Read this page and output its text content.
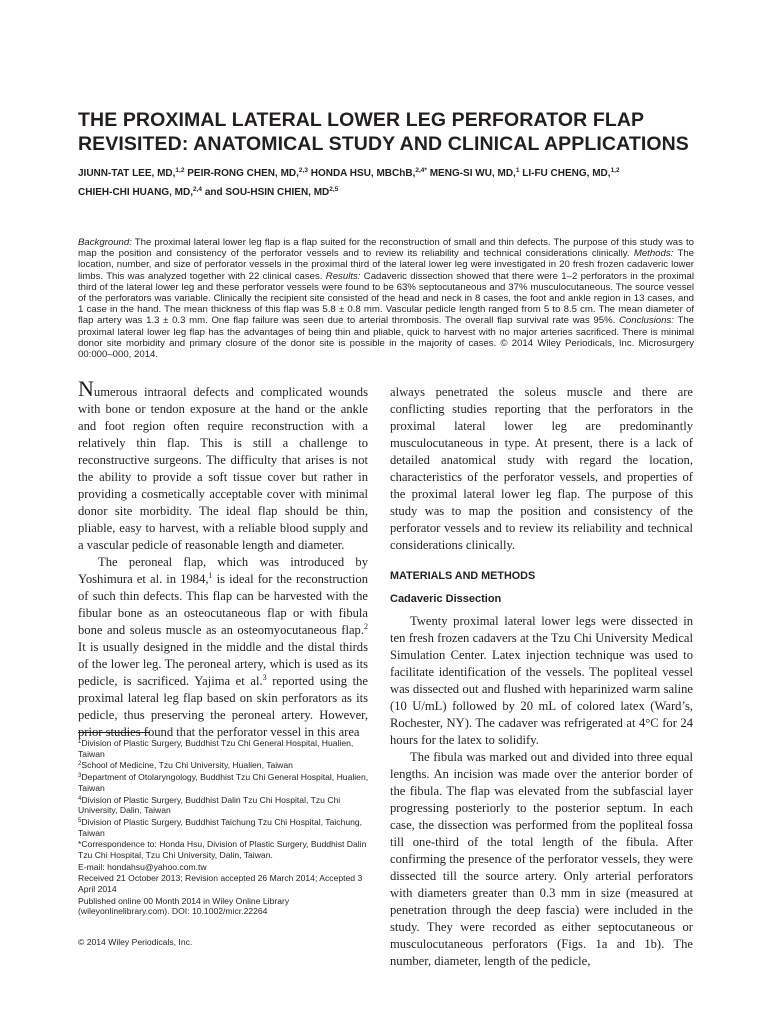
THE PROXIMAL LATERAL LOWER LEG PERFORATOR FLAP REVISITED: ANATOMICAL STUDY AND CLINICAL APPLICATIONS
JIUNN-TAT LEE, MD,$^{1,2}$ PEIR-RONG CHEN, MD,$^{2,3}$ HONDA HSU, MBChB,$^{2,4*}$ MENG-SI WU, MD,$^1$ LI-FU CHENG, MD,$^{1,2}$
CHIEH-CHI HUANG, MD,$^{2,4}$ and SOU-HSIN CHIEN, MD$^{2,5}$

Background: The proximal lateral lower leg flap is a flap suited for the reconstruction of small and thin defects. The purpose of this study was to map the position and consistency of the perforator vessels and to review its reliability and technical considerations clinically. Methods: The location, number, and size of perforator vessels in the proximal third of the lateral lower leg were investigated in 20 fresh frozen cadaveric lower limbs. This was analyzed together with 22 clinical cases. Results: Cadaveric dissection showed that there were 1–2 perforators in the proximal third of the lateral lower leg and these perforator vessels were found to be 63% septocutaneous and 37% musculocutaneous. The source vessel of the perforators was variable. Clinically the recipient site consisted of the head and neck in 8 cases, the foot and ankle region in 13 cases, and 1 case in the hand. The mean thickness of this flap was 5.8 ± 0.8 mm. Vascular pedicle length ranged from 5 to 8.5 cm. The mean diameter of flap artery was 1.3 ± 0.3 mm. One flap failure was seen due to arterial thrombosis. The overall flap survival rate was 95%. Conclusions: The proximal lateral lower leg flap has the advantages of being thin and pliable, quick to harvest with no major arteries sacrificed. There is minimal donor site morbidity and primary closure of the donor site is possible in the majority of cases. © 2014 Wiley Periodicals, Inc. Microsurgery 00:000–000, 2014.

Numerous intraoral defects and complicated wounds with bone or tendon exposure at the hand or the ankle and foot region often require reconstruction with a relatively thin flap. This is still a challenge to reconstructive surgeons. The difficulty that arises is not the ability to provide a soft tissue cover but rather in providing a cosmetically acceptable cover with minimal donor site morbidity. The ideal flap should be thin, pliable, easy to harvest, with a reliable blood supply and a vascular pedicle of reasonable length and diameter.

The peroneal flap, which was introduced by Yoshimura et al. in 1984,$^1$ is ideal for the reconstruction of such thin defects. This flap can be harvested with the fibular bone as an osteocutaneous flap or with fibula bone and soleus muscle as an osteomyocutaneous flap.$^2$ It is usually designed in the middle and the distal thirds of the lower leg. The peroneal artery, which is used as its pedicle, is sacrificed. Yajima et al.$^3$ reported using the proximal lateral leg flap based on skin perforators as its pedicle, thus preserving the peroneal artery. However, prior studies found that the perforator vessel in this area

always penetrated the soleus muscle and there are conflicting studies reporting that the perforators in the proximal lateral lower leg are predominantly musculocutaneous in type. At present, there is a lack of detailed anatomical study with regard the location, characteristics of the perforator vessels, and properties of the proximal lateral lower leg flap. The purpose of this study was to map the position and consistency of the perforator vessels and to review its reliability and technical considerations clinically.

MATERIALS AND METHODS

Cadaveric Dissection

Twenty proximal lateral lower legs were dissected in ten fresh frozen cadavers at the Tzu Chi University Medical Simulation Center. Latex injection technique was used to facilitate identification of the vessels. The popliteal vessel was dissected out and flushed with heparinized warm saline (10 U/mL) followed by 20 mL of colored latex (Ward’s, Rochester, NY). The cadaver was refrigerated at 4°C for 24 hours for the latex to solidify.

The fibula was marked out and divided into three equal lengths. An incision was made over the anterior border of the fibula. The flap was elevated from the subfascial layer progressing posteriorly to the posterior septum. In each case, the dissection was performed from the popliteal fossa till one-third of the total length of the fibula. After confirming the presence of the perforator vessels, they were dissected till the source artery. Only arterial perforators with diameters greater than 0.3 mm in size (measured at penetration through the deep fascia) were included in the study. They were recorded as either septocutaneous or musculocutaneous perforators (Figs. 1a and 1b). The number, diameter, length of the pedicle,

$^1$Division of Plastic Surgery, Buddhist Tzu Chi General Hospital, Hualien, Taiwan

$^2$School of Medicine, Tzu Chi University, Hualien, Taiwan

$^3$Department of Otolaryngology, Buddhist Tzu Chi General Hospital, Hualien, Taiwan

$^4$Division of Plastic Surgery, Buddhist Dalin Tzu Chi Hospital, Tzu Chi University, Dalin, Taiwan

$^5$Division of Plastic Surgery, Buddhist Taichung Tzu Chi Hospital, Taichung, Taiwan

*Correspondence to: Honda Hsu, Division of Plastic Surgery, Buddhist Dalin Tzu Chi Hospital, Tzu Chi University, Dalin, Taiwan.

E-mail: hondahsu@yahoo.com.tw

Received 21 October 2013; Revision accepted 26 March 2014; Accepted 3 April 2014

Published online 00 Month 2014 in Wiley Online Library (wileyonlinelibrary.com). DOI: 10.1002/micr.22264

© 2014 Wiley Periodicals, Inc.
